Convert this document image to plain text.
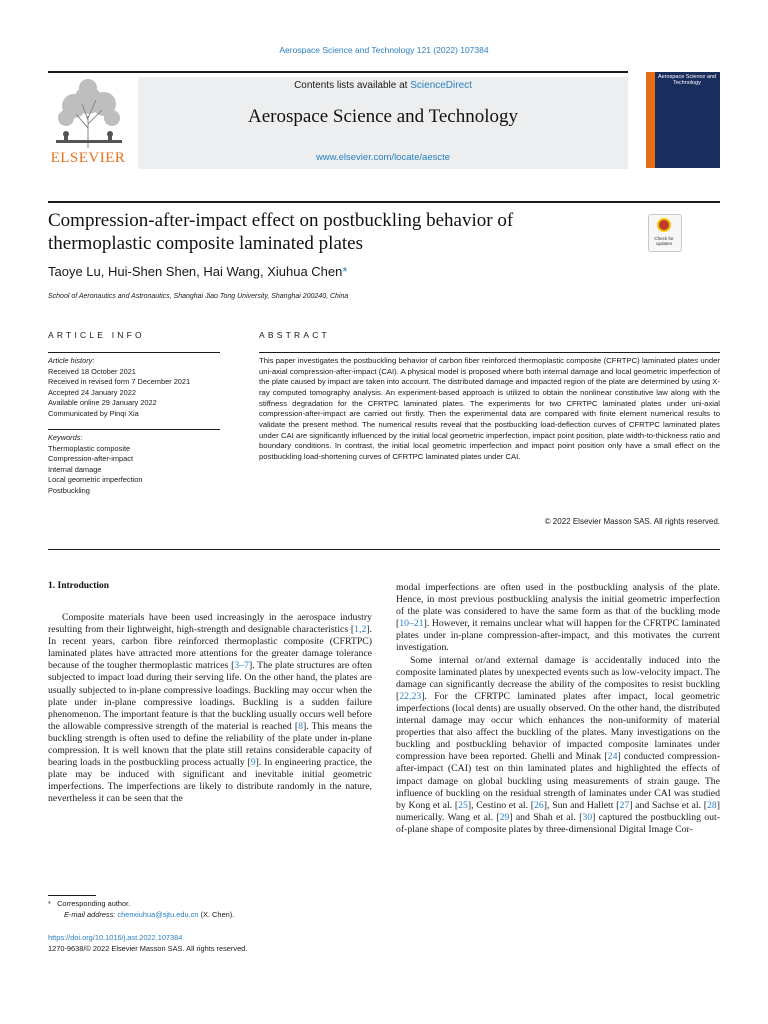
Aerospace Science and Technology 121 (2022) 107384
ELSEVIER
Contents lists available at ScienceDirect
Aerospace Science and Technology
www.elsevier.com/locate/aescte
Aerospace Science and Technology
Compression-after-impact effect on postbuckling behavior of thermoplastic composite laminated plates	Check for updates
Taoye Lu, Hui-Shen Shen, Hai Wang, Xiuhua Chen*
School of Aeronautics and Astronautics, Shanghai Jiao Tong University, Shanghai 200240, China
ARTICLE INFO	ABSTRACT
Article history:
Received 18 October 2021
Received in revised form 7 December 2021
Accepted 24 January 2022
Available online 29 January 2022
Communicated by Pinqi Xia
Keywords:
Thermoplastic composite
Compression-after-impact
Internal damage
Local geometric imperfection
Postbuckling
This paper investigates the postbuckling behavior of carbon fiber reinforced thermoplastic composite (CFRTPC) laminated plates under uni-axial compression-after-impact (CAI). A physical model is proposed where both internal damage and local geometric imperfection of the plate caused by impact are taken into account. The distributed damage and impacted region of the plate are determined by using X-ray computed tomography analysis. An experiment-based approach is utilized to obtain the nonlinear constitutive law along with the stiffness degradation for the CFRTPC laminated plates. The experiments for two CFRTPC laminated plates under uni-axial compression-after-impact are carried out firstly. Then the experimental data are compared with finite element numerical results to validate the present method. The numerical results reveal that the postbuckling load-deflection curves of CFRTPC laminated plates under CAI are significantly influenced by the initial local geometric imperfection, impact point position, plate width-to-thickness ratio and boundary conditions. In contrast, the initial local geometric imperfection and impact point position only have a small effect on the postbuckling load-shortening curves of CFRTPC laminated plates under CAI.
© 2022 Elsevier Masson SAS. All rights reserved.
1. Introduction

Composite materials have been used increasingly in the aerospace industry resulting from their lightweight, high-strength and designable characteristics [1,2]. In recent years, carbon fibre reinforced thermoplastic composite (CFRTPC) laminated plates have attracted more attentions for the greater damage tolerance because of the tougher thermoplastic matrices [3–7]. The plate structures are often subjected to impact load during their serving life. On the other hand, the plates are usually subjected to in-plane compressive loadings. Buckling may occur when the plate under in-plane compressive loadings. Buckling is a sudden failure phenomenon. The important feature is that the buckling usually occurs well before the allowable compressive strength of the material is reached [8]. This means the buckling strength is often used to define the reliability of the plate under in-plane compression. It is well known that the plate still retains considerable capacity of bearing loads in the postbuckling process actually [9]. In engineering practice, the plate may be induced with significant and inevitable initial geometric imperfections. The imperfections are likely to distribute randomly in the nature, nevertheless it can be seen that the

modal imperfections are often used in the postbuckling analysis of the plate. Hence, in most previous postbuckling analysis the initial geometric imperfection of the plate was considered to have the same form as that of the buckling mode [10–21]. However, it remains unclear what will happen for the CFRTPC laminated plates under in-plane compression-after-impact, and this motivates the current investigation.

Some internal or/and external damage is accidentally induced into the composite laminated plates by unexpected events such as low-velocity impact. The damage can significantly decrease the ability of the composites to resist buckling [22,23]. For the CFRTPC laminated plates after impact, local geometric imperfections (local dents) are usually observed. On the other hand, the distributed internal damage may occur which enhances the non-uniformity of material properties that also affect the buckling of the plates. Many investigations on the buckling and postbuckling behavior of impacted composite laminates under compression have been reported. Ghelli and Minak [24] conducted compression-after-impact (CAI) test on thin laminated plates and highlighted the effects of impact damage on global buckling using measurements of strain gauge. The influence of buckling on the residual strength of laminates under CAI was studied by Kong et al. [25], Cestino et al. [26], Sun and Hallett [27] and Sachse et al. [28] numerically. Wang et al. [29] and Shah et al. [30] captured the postbuckling out-of-plane shape of composite plates by three-dimensional Digital Image Cor-

* Corresponding author.
E-mail address: chenxiuhua@sjtu.edu.cn (X. Chen).
https://doi.org/10.1016/j.ast.2022.107384
1270-9638/© 2022 Elsevier Masson SAS. All rights reserved.
